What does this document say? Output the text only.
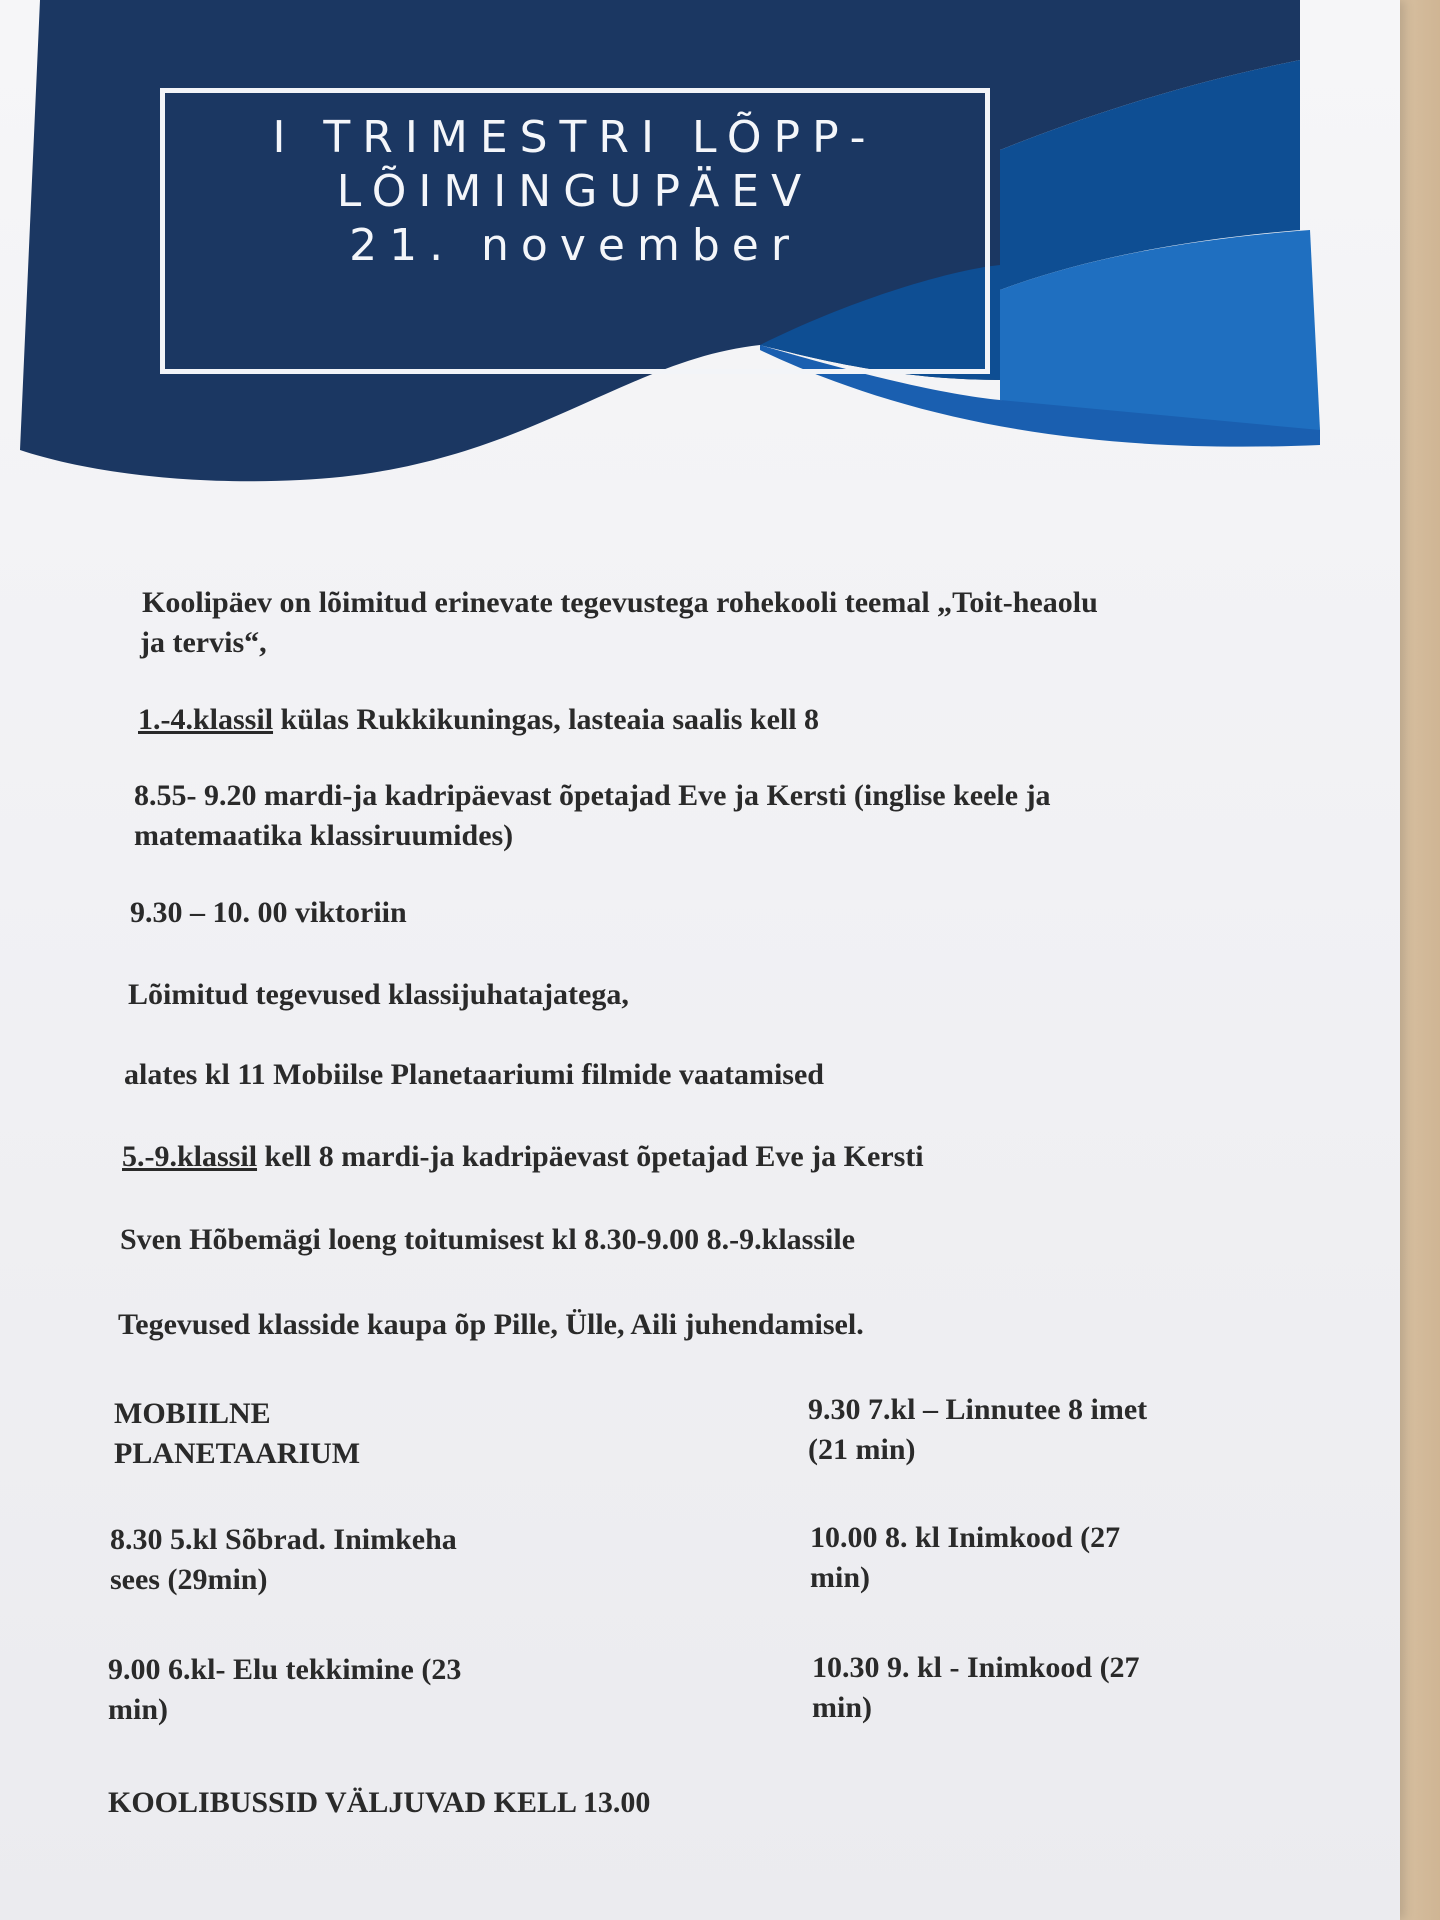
I TRIMESTRI LÕPP-
LÕIMINGUPÄEV
21. november
Koolipäev on lõimitud erinevate tegevustega rohekooli teemal „Toit-heaolu
ja tervis“,
1.-4.klassil külas Rukkikuningas, lasteaia saalis kell 8
8.55- 9.20 mardi-ja kadripäevast õpetajad Eve ja Kersti (inglise keele ja
matemaatika klassiruumides)
9.30 – 10. 00 viktoriin
Lõimitud tegevused klassijuhatajatega,
alates kl 11 Mobiilse Planetaariumi filmide vaatamised
5.-9.klassil kell 8 mardi-ja kadripäevast õpetajad Eve ja Kersti
Sven Hõbemägi loeng toitumisest kl 8.30-9.00 8.-9.klassile
Tegevused klasside kaupa õp Pille, Ülle, Aili juhendamisel.
MOBIILNE
PLANETAARIUM
9.30 7.kl – Linnutee 8 imet
(21 min)
8.30 5.kl Sõbrad. Inimkeha
sees (29min)
10.00 8. kl Inimkood (27
min)
9.00 6.kl- Elu tekkimine (23
min)
10.30 9. kl - Inimkood (27
min)
KOOLIBUSSID VÄLJUVAD KELL 13.00
